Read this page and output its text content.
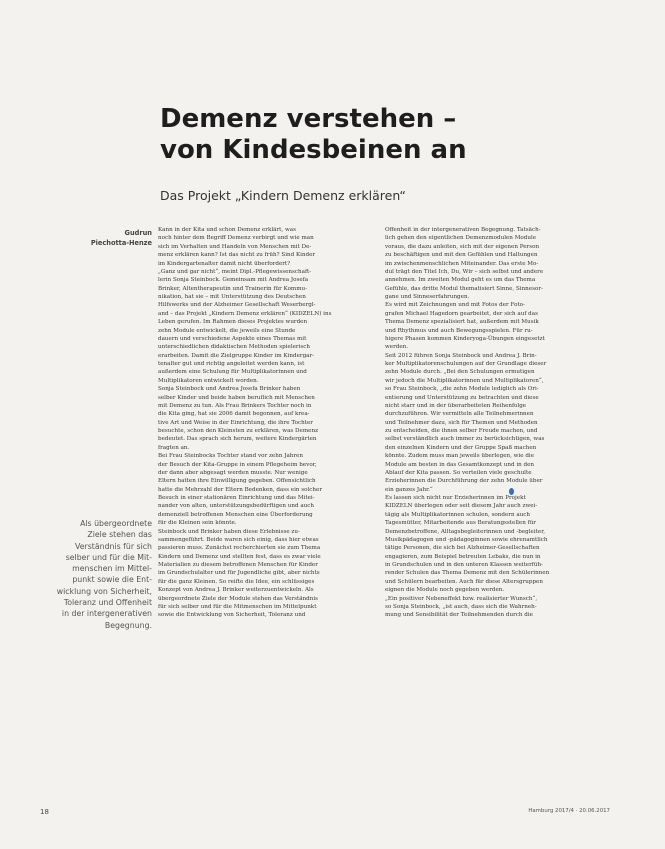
Demenz verstehen –
von Kindesbeinen an

Das Projekt „Kindern Demenz erklären“

Gudrun
Piechotta-Henze
Als übergeordnete
Ziele stehen das
Verständnis für sich
selber und für die Mit-
menschen im Mittel-
punkt sowie die Ent-
wicklung von Sicherheit,
Toleranz und Offenheit
in der intergenerativen
Begegnung.
Kann in der Kita und schon Demenz erklärt, was
noch hinter dem Begriff Demenz verbirgt und wie man
sich im Verhalten und Handeln von Menschen mit De-
menz erklären kann? Ist das nicht zu früh? Sind Kinder
im Kindergartenalter damit nicht überfordert?
„Ganz und gar nicht“, meint Dipl.-Pflegewissenschaft-
lerin Sonja Steinbock. Gemeinsam mit Andrea Josefa
Brinker, Altentherapeutin und Trainerin für Kommu-
nikation, hat sie – mit Unterstützung des Deutschen
Hilfswerks und der Alzheimer Gesellschaft Weserbergl-
and – das Projekt „Kindern Demenz erklären“ (KIDZELN) ins
Leben gerufen. Im Rahmen dieses Projektes wurden
zehn Module entwickelt, die jeweils eine Stunde
dauern und verschiedene Aspekte eines Themas mit
unterschiedlichen didaktischen Methoden spielerisch
erarbeiten. Damit die Zielgruppe Kinder im Kindergar-
tenalter gut und richtig angeleitet werden kann, ist
außerdem eine Schulung für Multiplikatorinnen und
Multiplikatoren entwickelt worden.
Sonja Steinbock und Andrea Josefa Brinker haben
selber Kinder und beide haben beruflich mit Menschen
mit Demenz zu tun. Als Frau Brinkers Tochter noch in
die Kita ging, hat sie 2006 damit begonnen, auf krea-
tive Art und Weise in der Einrichtung, die ihre Tochter
besuchte, schon den Kleinsten zu erklären, was Demenz
bedeutet. Das sprach sich herum, weitere Kindergärten
fragten an.
Bei Frau Steinbocks Tochter stand vor zehn Jahren
der Besuch der Kita-Gruppe in einem Pflegeheim bevor,
der dann aber abgesagt werden musste. Nur wenige
Eltern hatten ihre Einwilligung gegeben. Offensichtlich
hatte die Mehrzahl der Eltern Bedenken, dass ein solcher
Besuch in einer stationären Einrichtung und das Mitei-
nander von alten, unterstützungsbedürftigen und auch
demenziell betroffenen Menschen eine Überforderung
für die Kleinen sein könnte.
Steinbock und Brinker haben diese Erlebnisse zu-
sammengeführt. Beide waren sich einig, dass hier etwas
passieren muss. Zunächst recherchierten sie zum Thema
Kindern und Demenz und stellten fest, dass es zwar viele
Materialien zu diesem betroffenen Menschen für Kinder
im Grundschulalter und für Jugendliche gibt, aber nichts
für die ganz Kleinen. So reifte die Idee, ein schlüssiges
Konzept von Andrea J. Brinker weiterzuentwickeln. Als
übergeordnete Ziele der Module stehen das Verständnis
für sich selber und für die Mitmenschen im Mittelpunkt
sowie die Entwicklung von Sicherheit, Toleranz und
Offenheit in der intergenerativen Begegnung. Tatsäch-
lich gehen den eigentlichen Demenzmodulen Module
voraus, die dazu anleiten, sich mit der eigenen Person
zu beschäftigen und mit den Gefühlen und Haltungen
im zwischenmenschlichen Miteinander. Das erste Mo-
dul trägt den Titel Ich, Du, Wir – sich selbst und andere
annehmen. Im zweiten Modul geht es um das Thema
Gefühle, das dritte Modul thematisiert Sinne, Sinnesor-
gane und Sinneserfahrungen.
Es wird mit Zeichnungen und mit Fotos der Foto-
grafen Michael Hagedorn gearbeitet, der sich auf das
Thema Demenz spezialisiert hat, außerdem mit Musik
und Rhythmus und auch Bewegungsspielen. Für ru-
higere Phasen kommen Kinderyoga-Übungen eingesetzt
werden.
Seit 2012 führen Sonja Steinbock und Andrea J. Brin-
ker Multiplikatorenschulungen auf der Grundlage dieser
zehn Module durch. „Bei den Schulungen ermutigen
wir jedoch die Multiplikatorinnen und Multiplikatoren“,
so Frau Steinbock, „die zehn Module lediglich als Ori-
entierung und Unterstützung zu betrachten und diese
nicht starr und in der überarbeiteten Reihenfolge
durchzuführen. Wir vermitteln alle Teilnehmerinnen
und Teilnehmer dazu, sich für Themen und Methoden
zu entscheiden, die ihnen selber Freude machen, und
selbst verständlich auch immer zu berücksichtigen, was
den einzelnen Kindern und der Gruppe Spaß machen
könnte. Zudem muss man jeweils überlegen, wie die
Module am besten in das Gesamtkonzept und in den
Ablauf der Kita passen. So verteilen viele geschulte
Erzieherinnen die Durchführung der zehn Module über
ein ganzes Jahr.“
Es lassen sich nicht nur Erzieherinnen im Projekt
KIDZELN überlegen oder seit diesem Jahr auch zwei-
tägig als Multiplikatorinnen schulen, sondern auch
Tagesmütter, Mitarbeitende aus Beratungsstellen für
Demenzbetroffene, Alltagsbegleiterinnen und -begleiter,
Musikpädagogen und -pädagoginnen sowie ehrenamtlich
tätige Personen, die sich bei Alzheimer-Gesellschaften
engagieren, zum Beispiel betreuten Lebaks, die nun in
in Grundschulen und in den unteren Klassen weiterfüh-
render Schulen das Thema Demenz mit den Schülerinnen
und Schülern bearbeiten. Auch für diese Altersgruppen
eignen die Module noch gegeben werden.
„Ein positiver Nebeneffekt bzw. realisierter Wunsch“,
so Sonja Steinbock, „ist auch, dass sich die Wahrneh-
mung und Sensibilität der Teilnehmenden durch die
18	Hamburg 2017/4 · 20.06.2017
